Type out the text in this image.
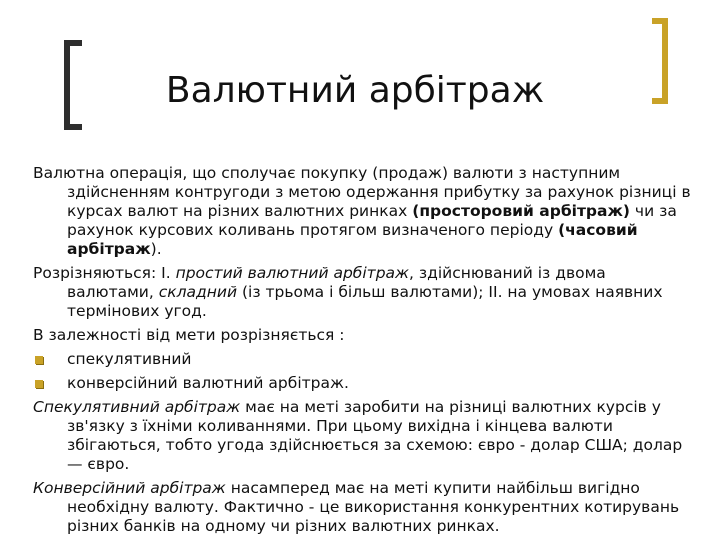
Валютний арбітраж

Валютна операція, що сполучає покупку (продаж) валюти з наступним здійсненням контругоди з метою одержання прибутку за рахунок різниці в курсах валют на різних валютних ринках (просторовий арбітраж) чи за рахунок курсових коливань протягом визначеного періоду (часовий арбітраж).

Розрізняються: I. простий валютний арбітраж, здійснюваний із двома валютами, складний (із трьома і більш валютами); II. на умовах наявних термінових угод.

В залежності від мети розрізняється :

спекулятивний
конверсійний валютний арбітраж.

Спекулятивний арбітраж має на меті заробити на різниці валютних курсів у зв'язку з їхніми коливаннями. При цьому вихідна і кінцева валюти збігаються, тобто угода здійснюється за схемою: євро - долар США; долар — євро.

Конверсійний арбітраж насамперед має на меті купити найбільш вигідно необхідну валюту. Фактично - це використання конкурентних котирувань різних банків на одному чи різних валютних ринках.
